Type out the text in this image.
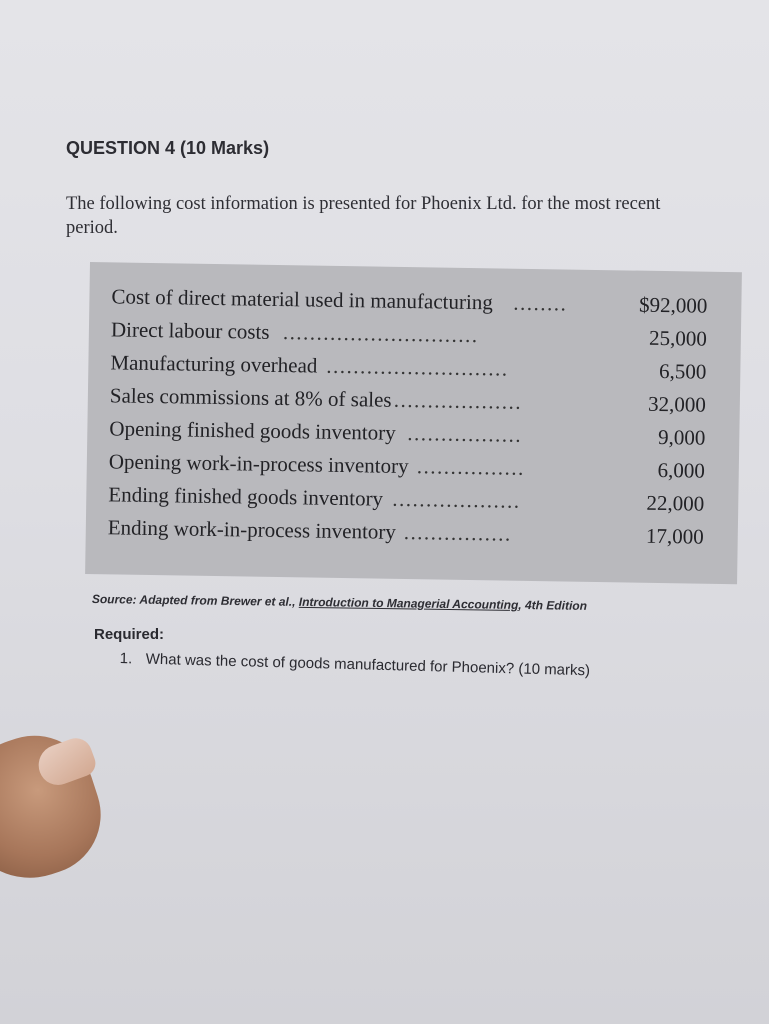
QUESTION 4 (10 Marks)
The following cost information is presented for Phoenix Ltd. for the most recent
period.
Cost of direct material used in manufacturing ........	$92,000
Direct labour costs .............................	25,000
Manufacturing overhead ...........................	6,500
Sales commissions at 8% of sales ...................	32,000
Opening finished goods inventory .................	9,000
Opening work-in-process inventory ................	6,000
Ending finished goods inventory ...................	22,000
Ending work-in-process inventory ................	17,000
Source: Adapted from Brewer et al., Introduction to Managerial Accounting, 4th Edition
Required:
1. What was the cost of goods manufactured for Phoenix? (10 marks)
